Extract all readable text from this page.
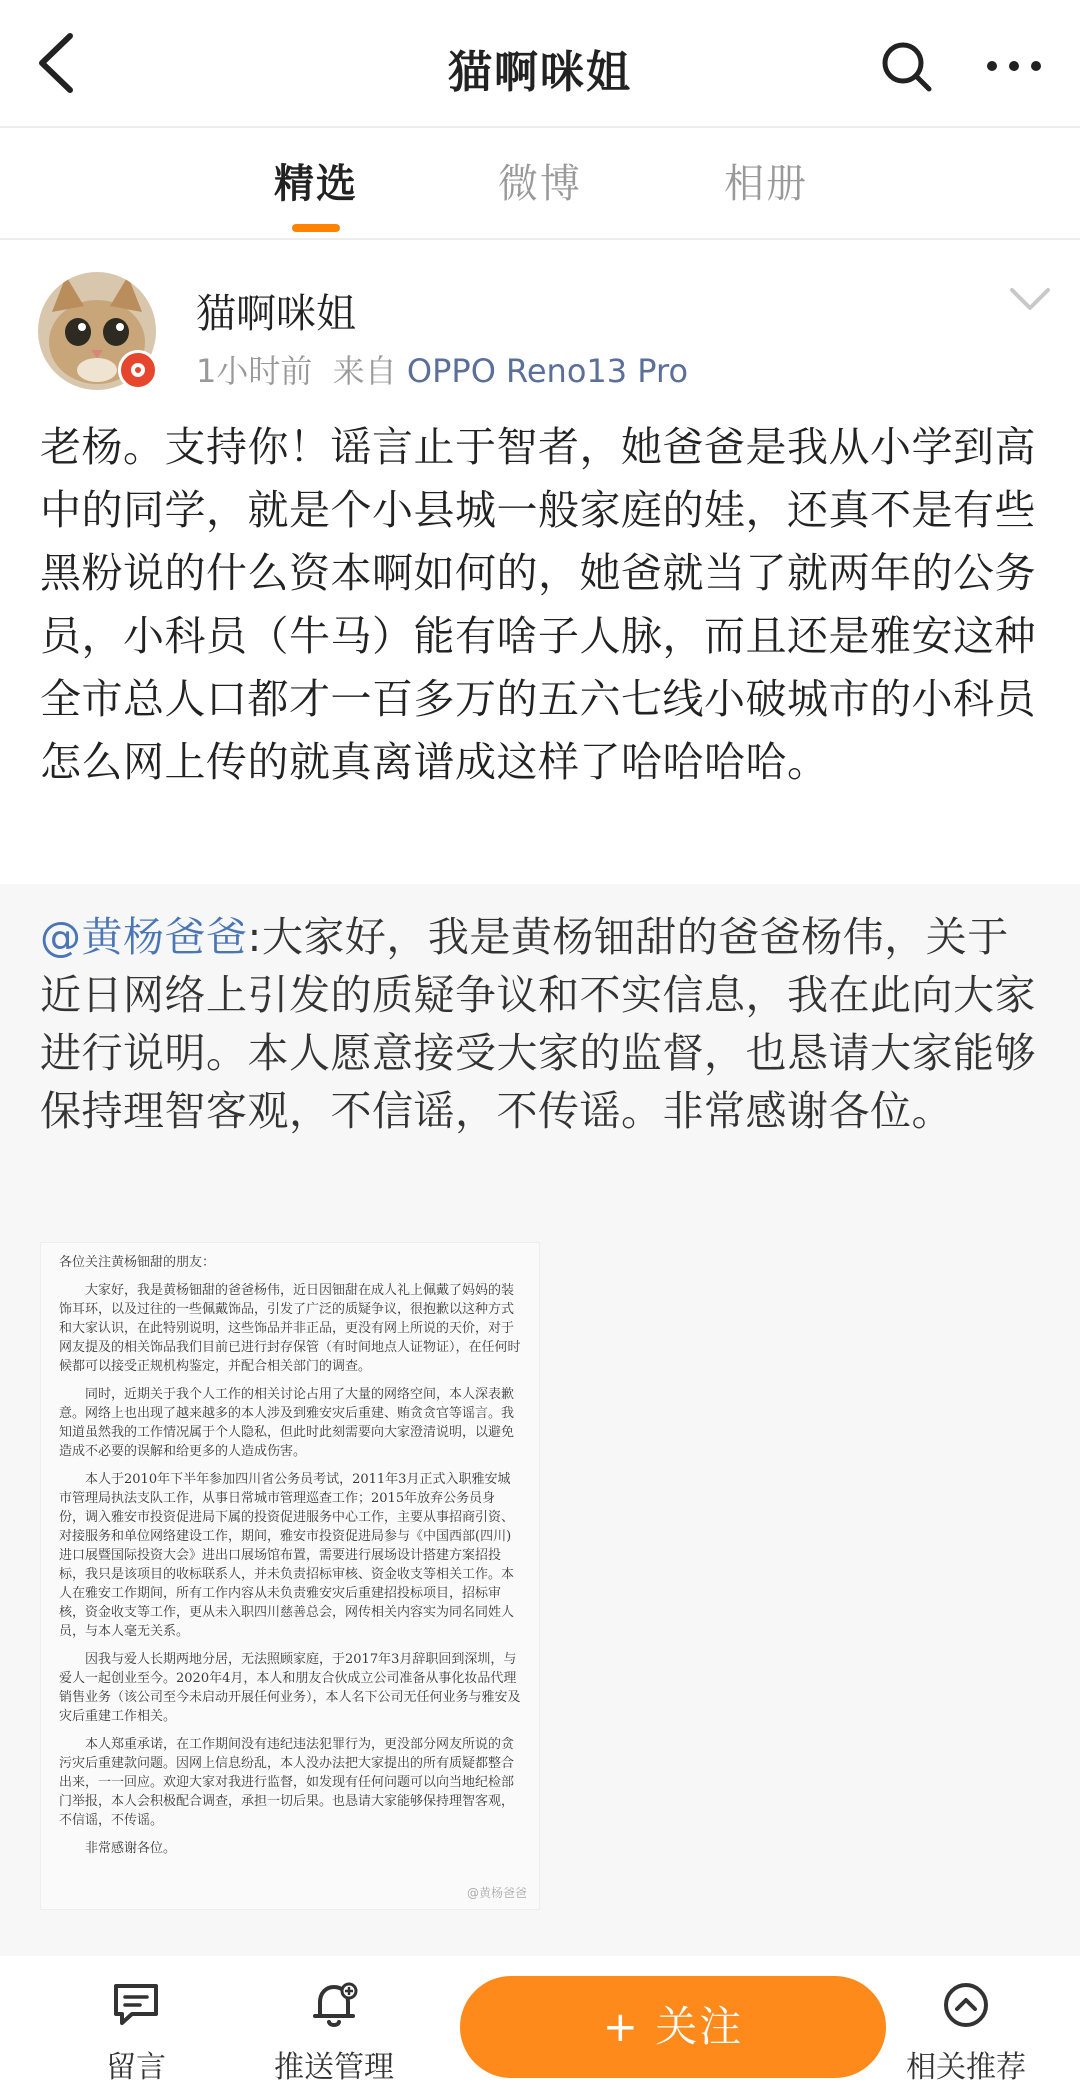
猫啊咪姐
精选	微博	相册
猫啊咪姐
1小时前 来自 OPPO Reno13 Pro
老杨。支持你！谣言止于智者，她爸爸是我从小学到高中的同学，就是个小县城一般家庭的娃，还真不是有些黑粉说的什么资本啊如何的，她爸就当了就两年的公务员，小科员（牛马）能有啥子人脉，而且还是雅安这种全市总人口都才一百多万的五六七线小破城市的小科员怎么网上传的就真离谱成这样了哈哈哈哈。
@黄杨爸爸:大家好，我是黄杨钿甜的爸爸杨伟，关于近日网络上引发的质疑争议和不实信息，我在此向大家进行说明。本人愿意接受大家的监督，也恳请大家能够保持理智客观，不信谣，不传谣。非常感谢各位。

各位关注黄杨钿甜的朋友：

大家好，我是黄杨钿甜的爸爸杨伟，近日因钿甜在成人礼上佩戴了妈妈的装饰耳环，以及过往的一些佩戴饰品，引发了广泛的质疑争议，很抱歉以这种方式和大家认识，在此特别说明，这些饰品并非正品，更没有网上所说的天价，对于网友提及的相关饰品我们目前已进行封存保管（有时间地点人证物证），在任何时候都可以接受正规机构鉴定，并配合相关部门的调查。

同时，近期关于我个人工作的相关讨论占用了大量的网络空间，本人深表歉意。网络上也出现了越来越多的本人涉及到雅安灾后重建、贿贪贪官等谣言。我知道虽然我的工作情况属于个人隐私，但此时此刻需要向大家澄清说明，以避免造成不必要的误解和给更多的人造成伤害。

本人于2010年下半年参加四川省公务员考试，2011年3月正式入职雅安城市管理局执法支队工作，从事日常城市管理巡查工作；2015年放弃公务员身份，调入雅安市投资促进局下属的投资促进服务中心工作，主要从事招商引资、对接服务和单位网络建设工作，期间，雅安市投资促进局参与《中国西部(四川)进口展暨国际投资大会》进出口展场馆布置，需要进行展场设计搭建方案招投标，我只是该项目的收标联系人，并未负责招标审核、资金收支等相关工作。本人在雅安工作期间，所有工作内容从未负责雅安灾后重建招投标项目，招标审核，资金收支等工作，更从未入职四川慈善总会，网传相关内容实为同名同姓人员，与本人毫无关系。

因我与爱人长期两地分居，无法照顾家庭，于2017年3月辞职回到深圳，与爱人一起创业至今。2020年4月，本人和朋友合伙成立公司准备从事化妆品代理销售业务（该公司至今未启动开展任何业务），本人名下公司无任何业务与雅安及灾后重建工作相关。

本人郑重承诺，在工作期间没有违纪违法犯罪行为，更没部分网友所说的贪污灾后重建款问题。因网上信息纷乱，本人没办法把大家提出的所有质疑都整合出来，一一回应。欢迎大家对我进行监督，如发现有任何问题可以向当地纪检部门举报，本人会积极配合调查，承担一切后果。也恳请大家能够保持理智客观，不信谣，不传谣。

非常感谢各位。

@黄杨爸爸
留言	推送管理
+ 关注
相关推荐
